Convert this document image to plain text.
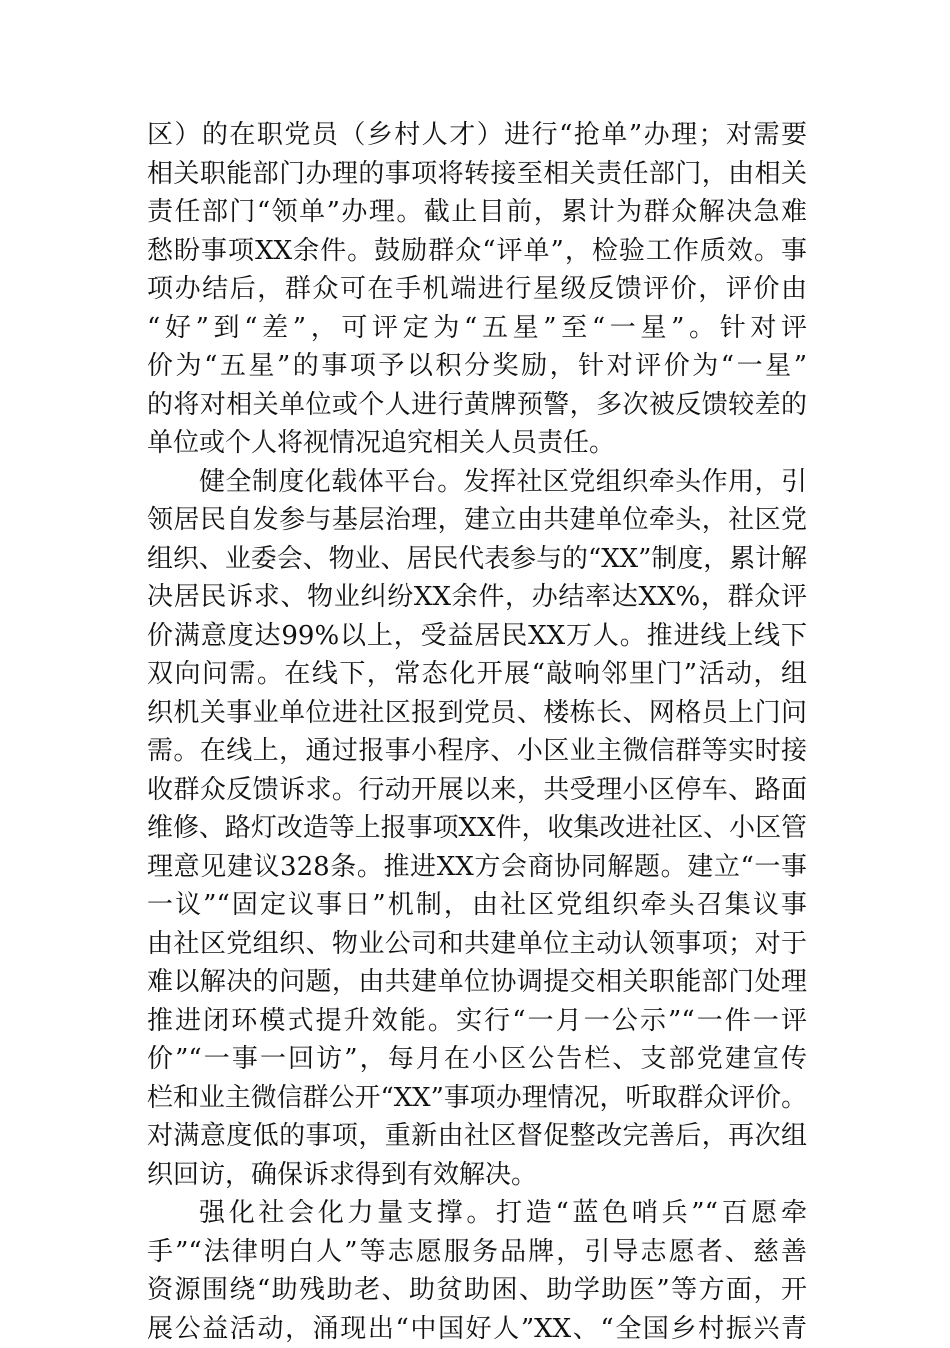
区）的在职党员（乡村人才）进行“抢单”办理；对需要
相关职能部门办理的事项将转接至相关责任部门，由相关
责任部门“领单”办理。截止目前，累计为群众解决急难
愁盼事项XX余件。鼓励群众“评单”，检验工作质效。事
项办结后，群众可在手机端进行星级反馈评价，评价由
“好”到“差”，可评定为“五星”至“一星”。针对评
价为“五星”的事项予以积分奖励，针对评价为“一星”
的将对相关单位或个人进行黄牌预警，多次被反馈较差的
单位或个人将视情况追究相关人员责任。
健全制度化载体平台。发挥社区党组织牵头作用，引
领居民自发参与基层治理，建立由共建单位牵头，社区党
组织、业委会、物业、居民代表参与的“XX”制度，累计解
决居民诉求、物业纠纷XX余件，办结率达XX%，群众评
价满意度达99%以上，受益居民XX万人。推进线上线下
双向问需。在线下，常态化开展“敲响邻里门”活动，组
织机关事业单位进社区报到党员、楼栋长、网格员上门问
需。在线上，通过报事小程序、小区业主微信群等实时接
收群众反馈诉求。行动开展以来，共受理小区停车、路面
维修、路灯改造等上报事项XX件，收集改进社区、小区管
理意见建议328条。推进XX方会商协同解题。建立“一事
一议”“固定议事日”机制，由社区党组织牵头召集议事
由社区党组织、物业公司和共建单位主动认领事项；对于
难以解决的问题，由共建单位协调提交相关职能部门处理
推进闭环模式提升效能。实行“一月一公示”“一件一评
价”“一事一回访”，每月在小区公告栏、支部党建宣传
栏和业主微信群公开“XX”事项办理情况，听取群众评价。
对满意度低的事项，重新由社区督促整改完善后，再次组
织回访，确保诉求得到有效解决。
强化社会化力量支撑。打造“蓝色哨兵”“百愿牵
手”“法律明白人”等志愿服务品牌，引导志愿者、慈善
资源围绕“助残助老、助贫助困、助学助医”等方面，开
展公益活动，涌现出“中国好人”XX、“全国乡村振兴青
